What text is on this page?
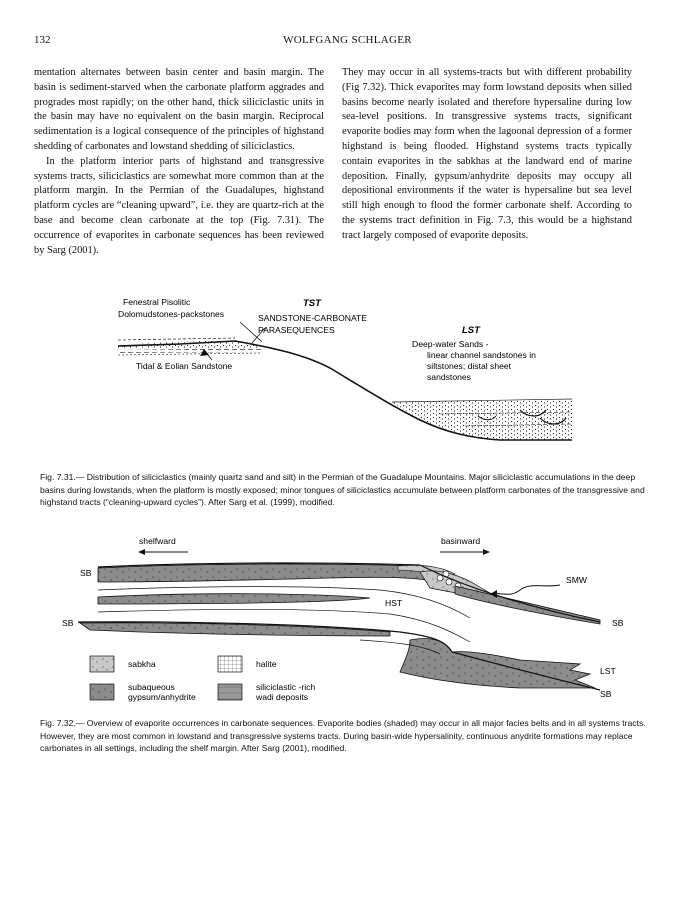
132	WOLFGANG SCHLAGER

mentation alternates between basin center and basin margin. The basin is sediment-starved when the carbonate platform aggrades and progrades most rapidly; on the other hand, thick siliciclastic units in the basin may have no equivalent on the basin margin. Reciprocal sedimentation is a logical consequence of the principles of highstand shedding of carbonates and lowstand shedding of siliciclastics.

In the platform interior parts of highstand and transgressive systems tracts, siliciclastics are somewhat more common than at the platform margin. In the Permian of the Guadalupes, highstand platform cycles are “cleaning upward”, i.e. they are quartz-rich at the base and become clean carbonate at the top (Fig. 7.31). The occurrence of evaporites in carbonate sequences has been reviewed by Sarg (2001).

They may occur in all systems-tracts but with different probability (Fig 7.32). Thick evaporites may form lowstand deposits when silled basins become nearly isolated and therefore hypersaline during low sea-level positions. In transgressive systems tracts, significant evaporite bodies may form when the lagoonal depression of a former highstand is being flooded. Highstand systems tracts typically contain evaporites in the sabkhas at the landward end of marine deposition. Finally, gypsum/anhydrite deposits may occupy all depositional environments if the water is hypersaline but sea level still high enough to flood the former carbonate shelf. According to the systems tract definition in Fig. 7.3, this would be a highstand tract largely composed of evaporite deposits.

Fenestral Pisolitic
Dolomudstones-packstones
TST
SANDSTONE-CARBONATE
PARASEQUENCES	LST
Deep-water Sands -
linear channel sandstones in
siltstones; distal sheet
sandstones
Tidal & Eolian Sandstone
Fig. 7.31.— Distribution of siliciclastics (mainly quartz sand and silt) in the Permian of the Guadalupe Mountains. Major siliciclastic accumulations in the deep basins during lowstands, when the platform is mostly exposed; minor tongues of siliciclastics accumulate between platform carbonates of the transgressive and highstand tracts (“cleaning-upward cycles”). After Sarg et al. (1999), modified.
shelfward	basinward
SB
SB	SB
SB
SMW
HST
LST
sabkha
subaqueous
gypsum/anhydrite
halite
siliciclastic -rich
wadi deposits
Fig. 7.32.— Overview of evaporite occurrences in carbonate sequences. Evaporite bodies (shaded) may occur in all major facies belts and in all systems tracts. However, they are most common in lowstand and transgressive systems tracts. During basin-wide hypersalinity, continuous anydrite formations may replace carbonates in all settings, including the shelf margin. After Sarg (2001), modified.
